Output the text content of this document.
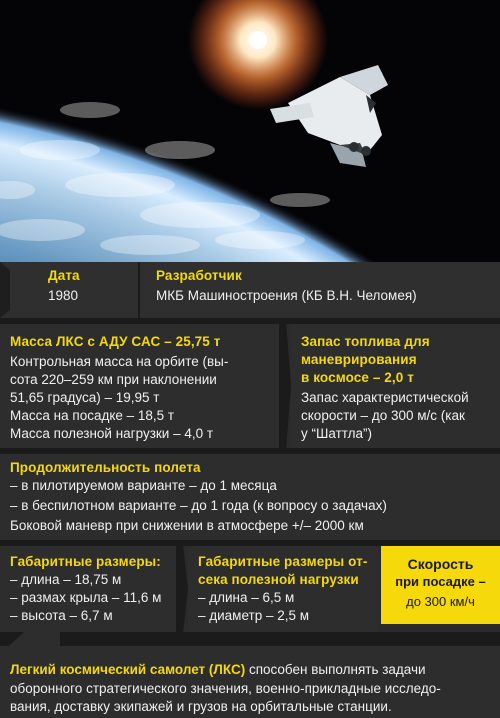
Дата
1980
Разработчик
МКБ Машиностроения (КБ В.Н. Челомея)
Масса ЛКС с АДУ САС – 25,75 т
Контрольная масса на орбите (вы-
сота 220–259 км при наклонении
51,65 градуса) – 19,95 т
Масса на посадке – 18,5 т
Масса полезной нагрузки – 4,0 т
Запас топлива для
маневрирования
в космосе – 2,0 т
Запас характеристической
скорости – до 300 м/с (как
у “Шаттла”)
Продолжительность полета
– в пилотируемом варианте – до 1 месяца
– в беспилотном варианте – до 1 года (к вопросу о задачах)
Боковой маневр при снижении в атмосфере +/– 2000 км
Габаритные размеры:
– длина – 18,75 м
– размах крыла – 11,6 м
– высота – 6,7 м
Габаритные размеры от-
сека полезной нагрузки
– длина – 6,5 м
– диаметр – 2,5 м
Скорость
при посадке –
до 300 км/ч
Легкий космический самолет (ЛКС) способен выполнять задачи
оборонного стратегического значения, военно-прикладные исследо-
вания, доставку экипажей и грузов на орбитальные станции.
